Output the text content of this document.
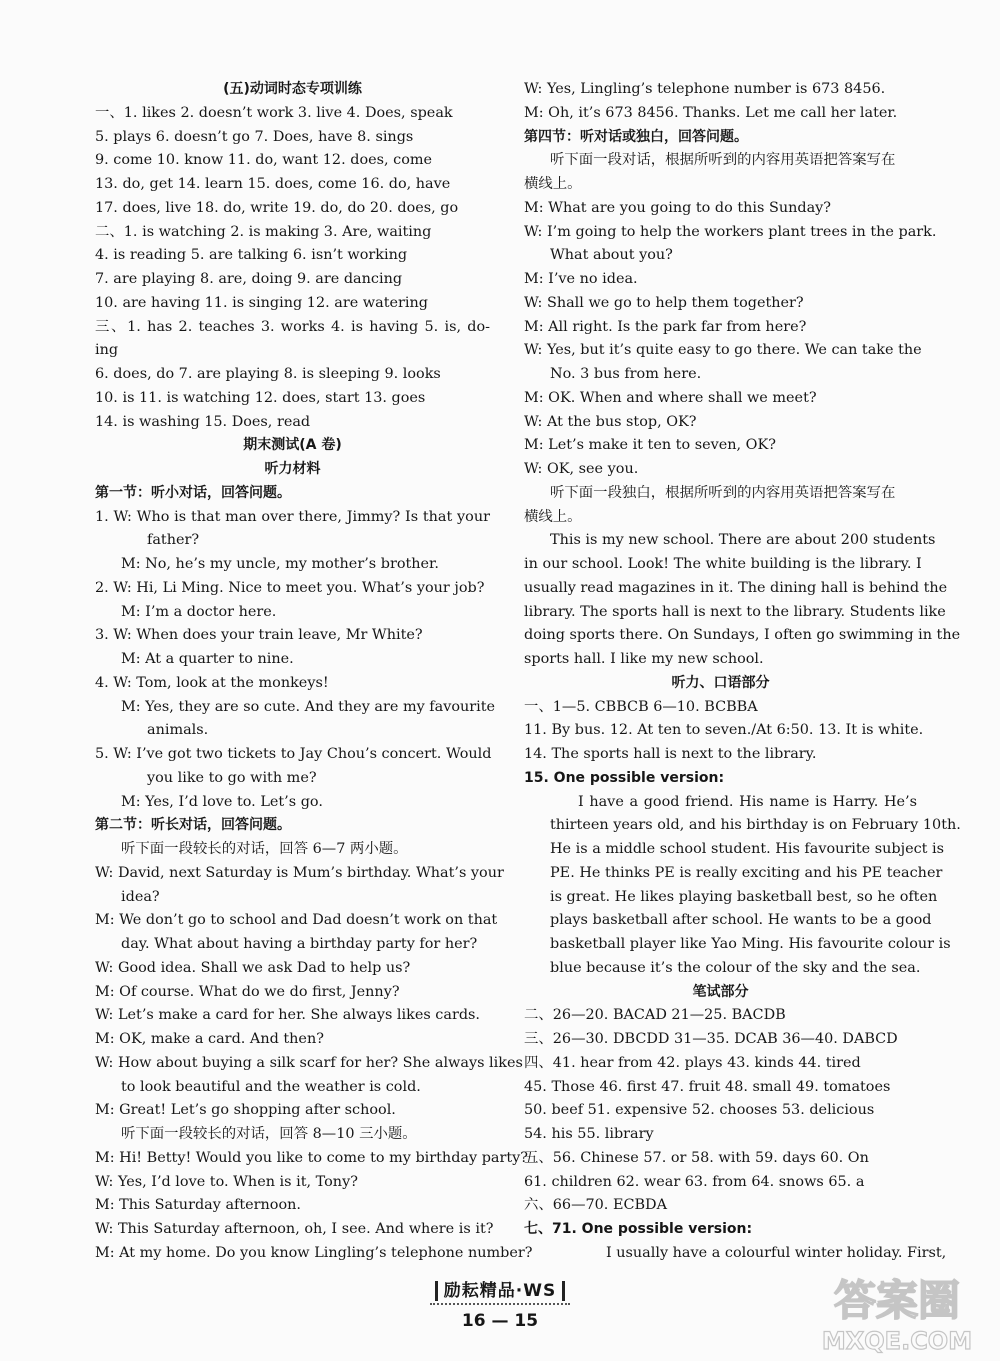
(五)动词时态专项训练
一、1. likes 2. doesn’t work 3. live 4. Does, speak
5. plays 6. doesn’t go 7. Does, have 8. sings
9. come 10. know 11. do, want 12. does, come
13. do, get 14. learn 15. does, come 16. do, have
17. does, live 18. do, write 19. do, do 20. does, go
二、1. is watching 2. is making 3. Are, waiting
4. is reading 5. are talking 6. isn’t working
7. are playing 8. are, doing 9. are dancing
10. are having 11. is singing 12. are watering
三、1. has 2. teaches 3. works 4. is having 5. is, do-
ing
6. does, do 7. are playing 8. is sleeping 9. looks
10. is 11. is watching 12. does, start 13. goes
14. is washing 15. Does, read
期末测试(A 卷)
听力材料
第一节：听小对话，回答问题。
1. W: Who is that man over there, Jimmy? Is that your
father?
M: No, he’s my uncle, my mother’s brother.
2. W: Hi, Li Ming. Nice to meet you. What’s your job?
M: I’m a doctor here.
3. W: When does your train leave, Mr White?
M: At a quarter to nine.
4. W: Tom, look at the monkeys!
M: Yes, they are so cute. And they are my favourite
animals.
5. W: I’ve got two tickets to Jay Chou’s concert. Would
you like to go with me?
M: Yes, I’d love to. Let’s go.
第二节：听长对话，回答问题。
听下面一段较长的对话，回答 6—7 两小题。
W: David, next Saturday is Mum’s birthday. What’s your
idea?
M: We don’t go to school and Dad doesn’t work on that
day. What about having a birthday party for her?
W: Good idea. Shall we ask Dad to help us?
M: Of course. What do we do first, Jenny?
W: Let’s make a card for her. She always likes cards.
M: OK, make a card. And then?
W: How about buying a silk scarf for her? She always likes
to look beautiful and the weather is cold.
M: Great! Let’s go shopping after school.
听下面一段较长的对话，回答 8—10 三小题。
M: Hi! Betty! Would you like to come to my birthday party?
W: Yes, I’d love to. When is it, Tony?
M: This Saturday afternoon.
W: This Saturday afternoon, oh, I see. And where is it?
M: At my home. Do you know Lingling’s telephone number?
W: Yes, Lingling’s telephone number is 673 8456.
M: Oh, it’s 673 8456. Thanks. Let me call her later.
第四节：听对话或独白，回答问题。
听下面一段对话，根据所听到的内容用英语把答案写在
横线上。
M: What are you going to do this Sunday?
W: I’m going to help the workers plant trees in the park.
What about you?
M: I’ve no idea.
W: Shall we go to help them together?
M: All right. Is the park far from here?
W: Yes, but it’s quite easy to go there. We can take the
No. 3 bus from here.
M: OK. When and where shall we meet?
W: At the bus stop, OK?
M: Let’s make it ten to seven, OK?
W: OK, see you.
听下面一段独白，根据所听到的内容用英语把答案写在
横线上。
This is my new school. There are about 200 students
in our school. Look! The white building is the library. I
usually read magazines in it. The dining hall is behind the
library. The sports hall is next to the library. Students like
doing sports there. On Sundays, I often go swimming in the
sports hall. I like my new school.
听力、口语部分
一、1—5. CBBCB 6—10. BCBBA
11. By bus. 12. At ten to seven./At 6:50. 13. It is white.
14. The sports hall is next to the library.
15. One possible version:
I have a good friend. His name is Harry. He’s
thirteen years old, and his birthday is on February 10th.
He is a middle school student. His favourite subject is
PE. He thinks PE is really exciting and his PE teacher
is great. He likes playing basketball best, so he often
plays basketball after school. He wants to be a good
basketball player like Yao Ming. His favourite colour is
blue because it’s the colour of the sky and the sea.
笔试部分
二、26—20. BACAD 21—25. BACDB
三、26—30. DBCDD 31—35. DCAB 36—40. DABCD
四、41. hear from 42. plays 43. kinds 44. tired
45. Those 46. first 47. fruit 48. small 49. tomatoes
50. beef 51. expensive 52. chooses 53. delicious
54. his 55. library
五、56. Chinese 57. or 58. with 59. days 60. On
61. children 62. wear 63. from 64. snows 65. a
六、66—70. ECBDA
七、71. One possible version:
I usually have a colourful winter holiday. First,
励耘精品·WS
16 — 15	答案圈
MXQE.COM
